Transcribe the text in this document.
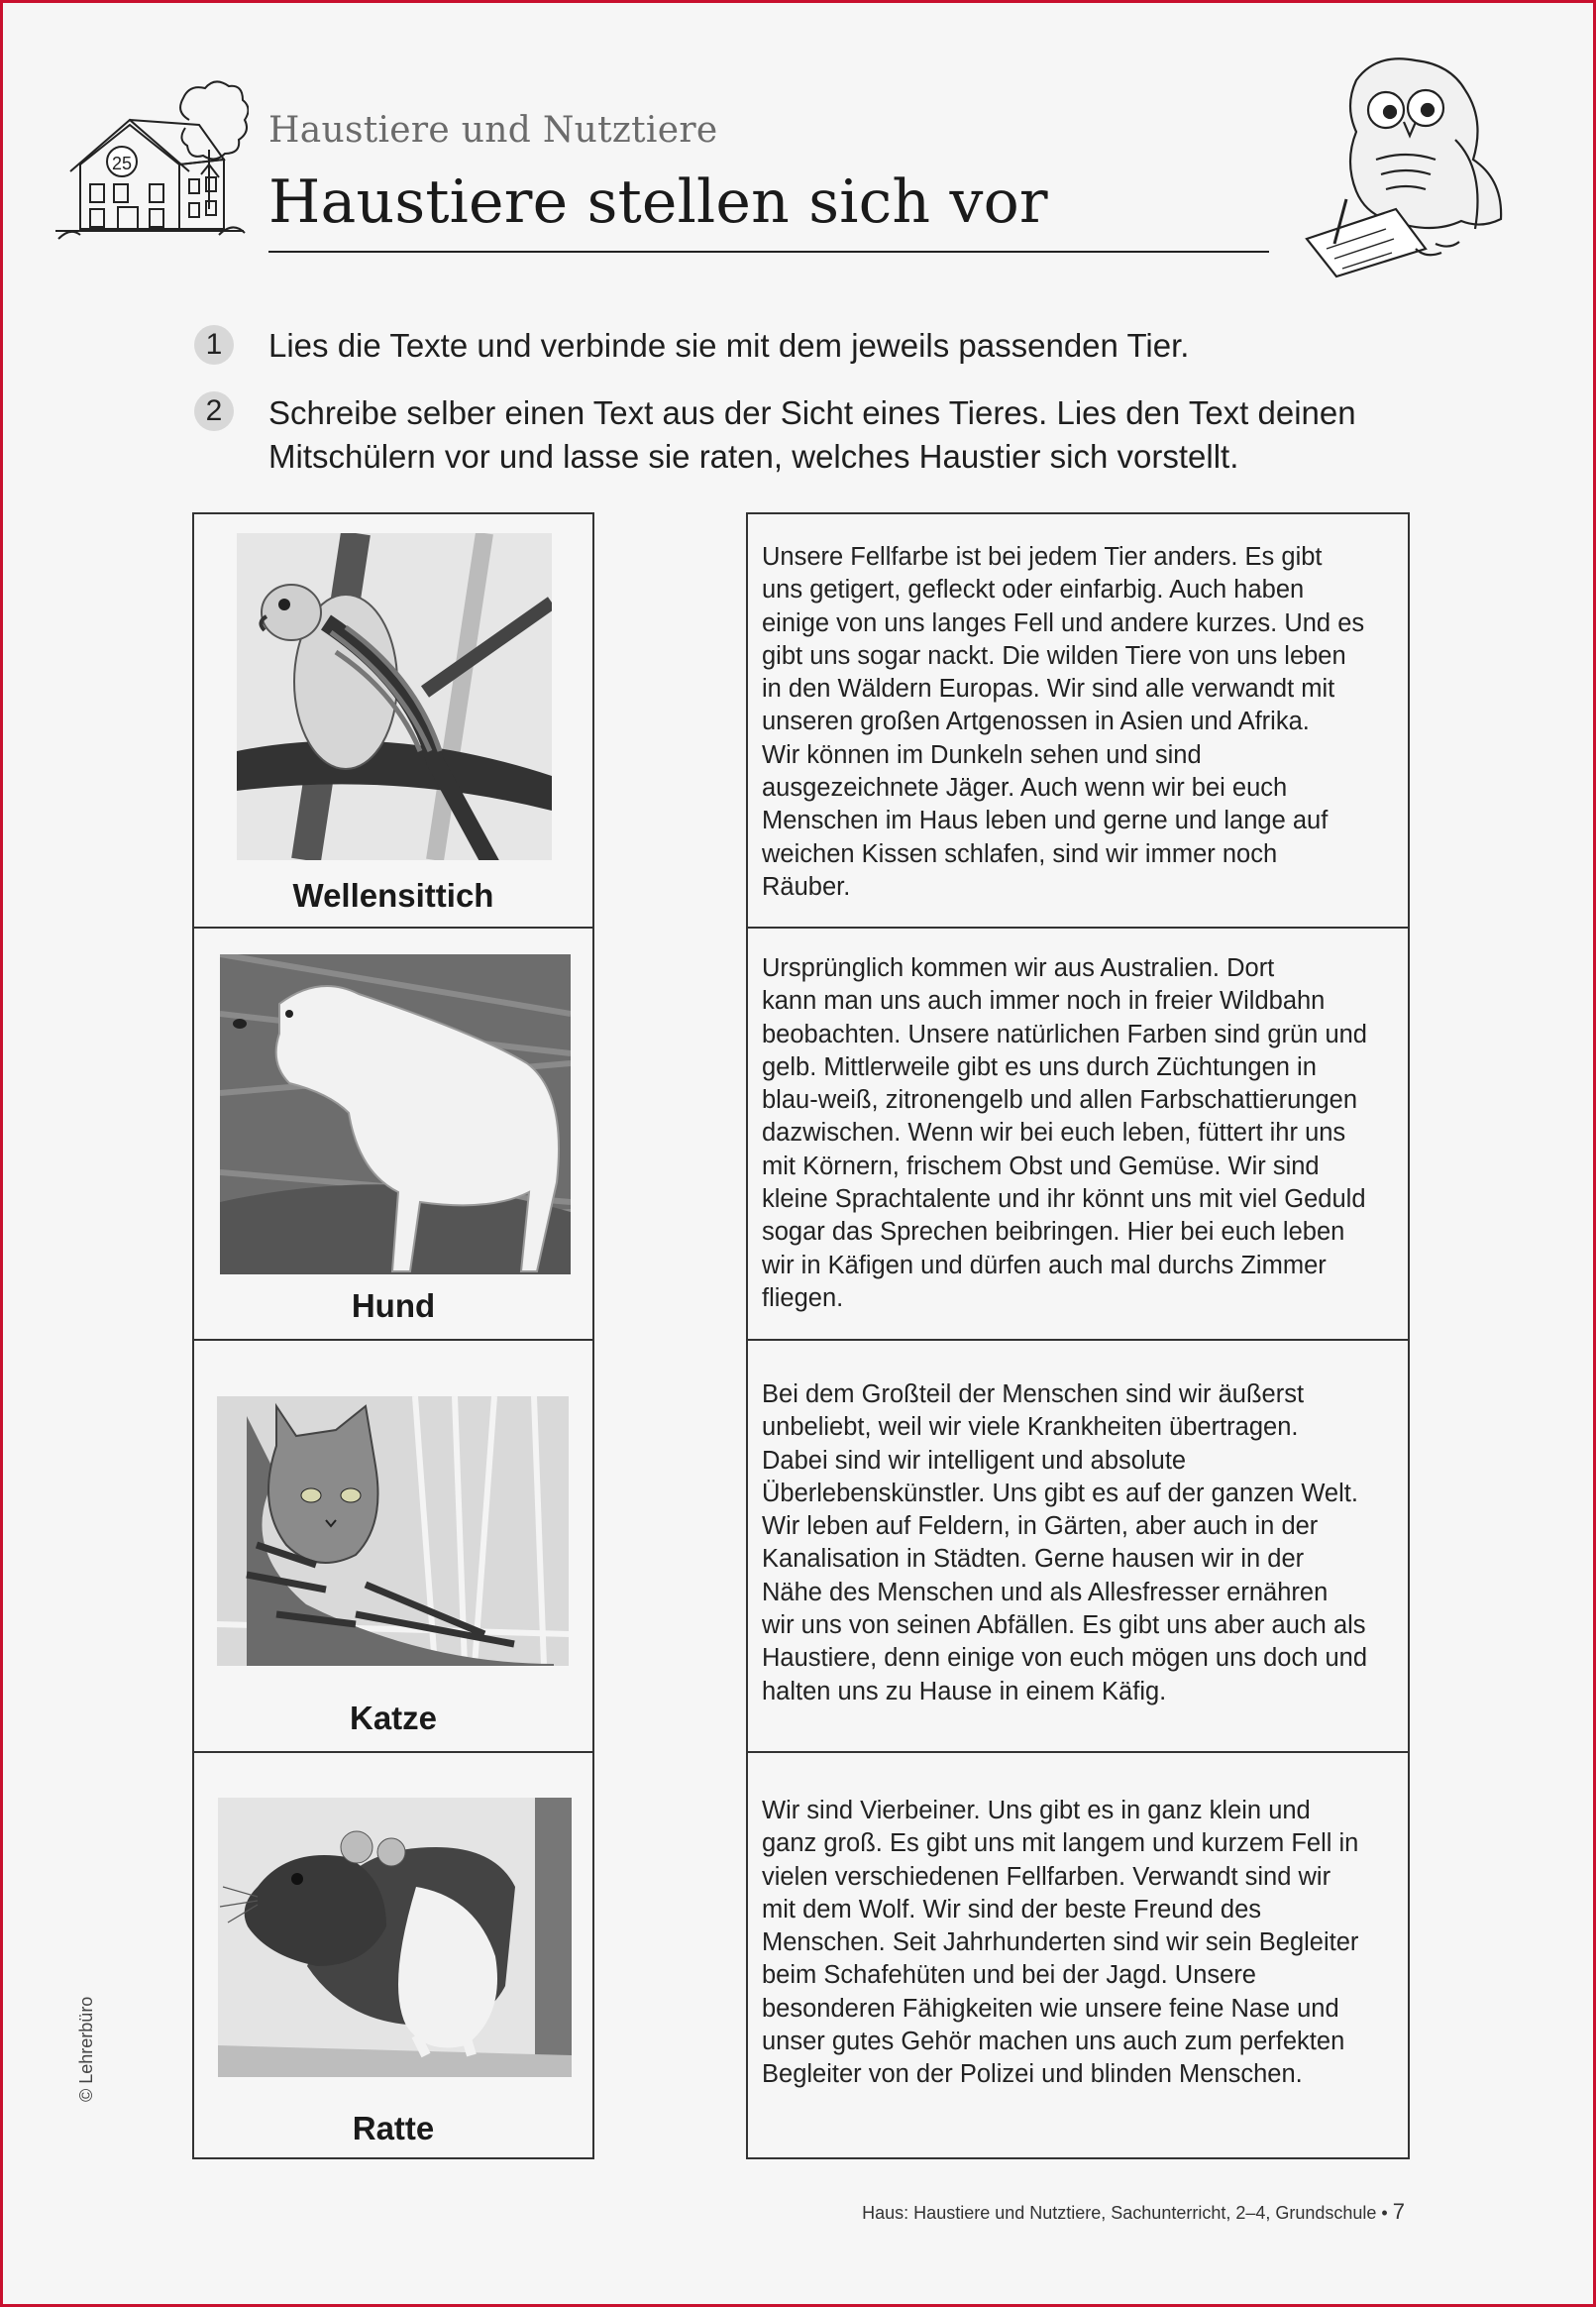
25
Haustiere und Nutztiere
Haustiere stellen sich vor
1	Lies die Texte und verbinde sie mit dem jeweils passenden Tier.
2	Schreibe selber einen Text aus der Sicht eines Tieres. Lies den Text deinen
Mitschülern vor und lasse sie raten, welches Haustier sich vorstellt.
Wellensittich
Hund
Katze
Ratte

Unsere Fellfarbe ist bei jedem Tier anders. Es gibt
uns getigert, gefleckt oder einfarbig. Auch haben
einige von uns langes Fell und andere kurzes. Und es
gibt uns sogar nackt. Die wilden Tiere von uns leben
in den Wäldern Europas. Wir sind alle verwandt mit
unseren großen Artgenossen in Asien und Afrika.
Wir können im Dunkeln sehen und sind
ausgezeichnete Jäger. Auch wenn wir bei euch
Menschen im Haus leben und gerne und lange auf
weichen Kissen schlafen, sind wir immer noch
Räuber.

Ursprünglich kommen wir aus Australien. Dort
kann man uns auch immer noch in freier Wildbahn
beobachten. Unsere natürlichen Farben sind grün und
gelb. Mittlerweile gibt es uns durch Züchtungen in
blau-weiß, zitronengelb und allen Farbschattierungen
dazwischen. Wenn wir bei euch leben, füttert ihr uns
mit Körnern, frischem Obst und Gemüse. Wir sind
kleine Sprachtalente und ihr könnt uns mit viel Geduld
sogar das Sprechen beibringen. Hier bei euch leben
wir in Käfigen und dürfen auch mal durchs Zimmer
fliegen.

Bei dem Großteil der Menschen sind wir äußerst
unbeliebt, weil wir viele Krankheiten übertragen.
Dabei sind wir intelligent und absolute
Überlebenskünstler. Uns gibt es auf der ganzen Welt.
Wir leben auf Feldern, in Gärten, aber auch in der
Kanalisation in Städten. Gerne hausen wir in der
Nähe des Menschen und als Allesfresser ernähren
wir uns von seinen Abfällen. Es gibt uns aber auch als
Haustiere, denn einige von euch mögen uns doch und
halten uns zu Hause in einem Käfig.

Wir sind Vierbeiner. Uns gibt es in ganz klein und
ganz groß. Es gibt uns mit langem und kurzem Fell in
vielen verschiedenen Fellfarben. Verwandt sind wir
mit dem Wolf. Wir sind der beste Freund des
Menschen. Seit Jahrhunderten sind wir sein Begleiter
beim Schafehüten und bei der Jagd. Unsere
besonderen Fähigkeiten wie unsere feine Nase und
unser gutes Gehör machen uns auch zum perfekten
Begleiter von der Polizei und blinden Menschen.

© Lehrerbüro
Haus: Haustiere und Nutztiere, Sachunterricht, 2–4, Grundschule • 7
